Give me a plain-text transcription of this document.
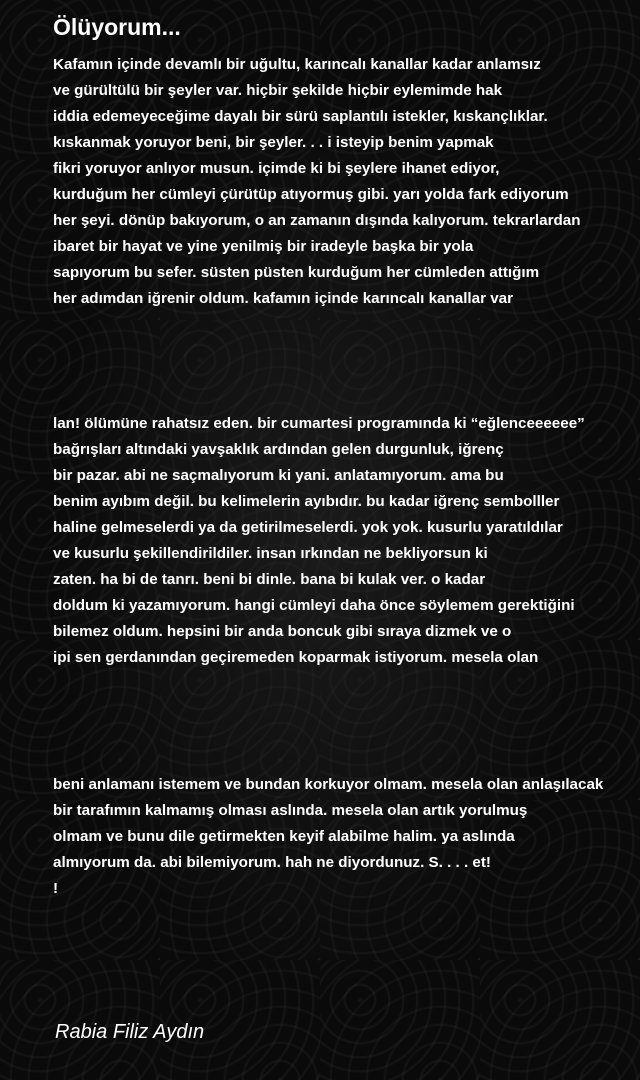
Ölüyorum...
Kafamın içinde devamlı bir uğultu, karıncalı kanallar kadar anlamsız
ve gürültülü bir şeyler var. hiçbir şekilde hiçbir eylemimde hak
iddia edemeyeceğime dayalı bir sürü saplantılı istekler, kıskançlıklar.
kıskanmak yoruyor beni, bir şeyler. . . i isteyip benim yapmak
fikri yoruyor anlıyor musun. içimde ki bi şeylere ihanet ediyor,
kurduğum her cümleyi çürütüp atıyormuş gibi. yarı yolda fark ediyorum
her şeyi. dönüp bakıyorum, o an zamanın dışında kalıyorum. tekrarlardan
ibaret bir hayat ve yine yenilmiş bir iradeyle başka bir yola
sapıyorum bu sefer. süsten püsten kurduğum her cümleden attığım
her adımdan iğrenir oldum. kafamın içinde karıncalı kanallar var
lan! ölümüne rahatsız eden. bir cumartesi programında ki “eğlenceeeeee”
bağrışları altındaki yavşaklık ardından gelen durgunluk, iğrenç
bir pazar. abi ne saçmalıyorum ki yani. anlatamıyorum. ama bu
benim ayıbım değil. bu kelimelerin ayıbıdır. bu kadar iğrenç sembolller
haline gelmeselerdi ya da getirilmeselerdi. yok yok. kusurlu yaratıldılar
ve kusurlu şekillendirildiler. insan ırkından ne bekliyorsun ki
zaten. ha bi de tanrı. beni bi dinle. bana bi kulak ver. o kadar
doldum ki yazamıyorum. hangi cümleyi daha önce söylemem gerektiğini
bilemez oldum. hepsini bir anda boncuk gibi sıraya dizmek ve o
ipi sen gerdanından geçiremeden koparmak istiyorum. mesela olan
beni anlamanı istemem ve bundan korkuyor olmam. mesela olan anlaşılacak
bir tarafımın kalmamış olması aslında. mesela olan artık yorulmuş
olmam ve bunu dile getirmekten keyif alabilme halim. ya aslında
almıyorum da. abi bilemiyorum. hah ne diyordunuz. S. . . . et!
!
Rabia Filiz Aydın
